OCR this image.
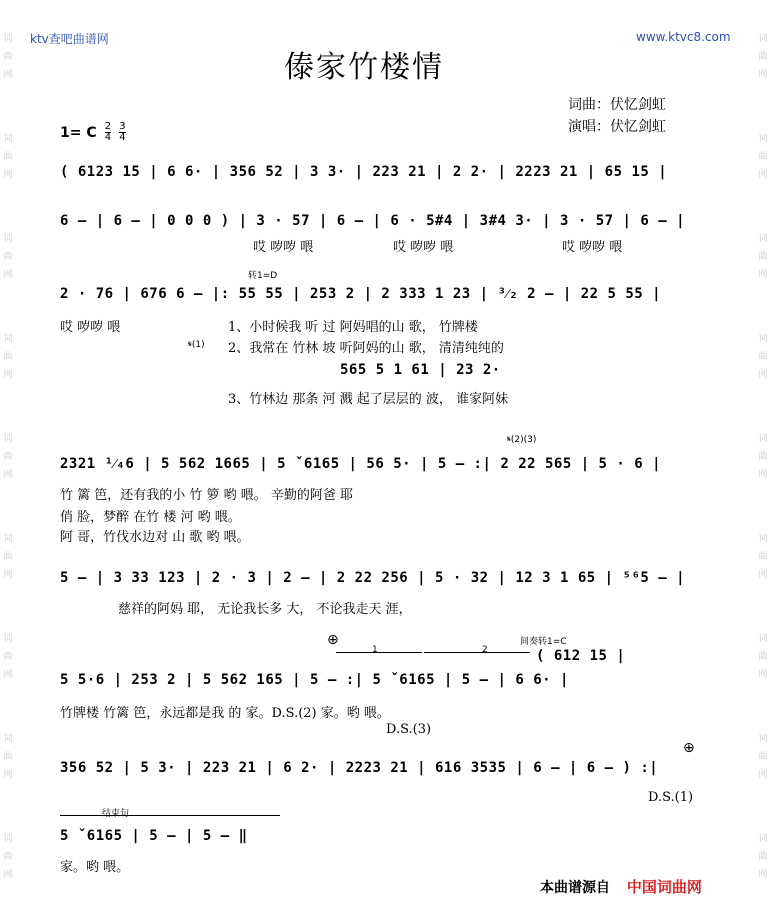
词
曲
网
词
曲
网
词
曲
网
词
曲
网
词
曲
网
词
曲
网
词
曲
网
词
曲
网
词
曲
网
词
曲
网
词
曲
网
词
曲
网
词
曲
网
词
曲
网
词
曲
网
词
曲
网
词
曲
网
词
曲
网
ktv查吧曲谱网	www.ktvc8.com
傣家竹楼情
词曲：伏忆剑虹
演唱：伏忆剑虹
1= C $\frac{2}{4}$
$\frac{3}{4}$
( 6123 15 | 6 6· | 356 52 | 3 3· | 223 21 | 2 2· | 2223 21 | 65 15 |
6 – | 6 – | 0 0 0 ) | 3 · 57 | 6 – | 6 · 5#4 | 3#4 3· | 3 · 57 | 6 – |
哎 哕哕 喂	哎 哕哕 喂	哎 哕哕 喂
转1=D
2 · 76 | 676 6 – |: 55 55 | 253 2 | 2 333 1 23 | ³⁄₂ 2 – | 22 5 55 |
哎 哕哕 喂	1、小时候我 听 过 阿妈唱的山 歌， 竹牌楼
𝄋(1) 2、我常在 竹林 坡 听阿妈的山 歌， 清清纯纯的
565 5 1 61 | 23 2·
3、竹林边 那条 河 溅 起了层层的 波， 谁家阿妹
𝄋(2)(3)
2321 ¹⁄₄6 | 5 562 1665 | 5 ˇ6165 | 56 5· | 5 – :| 2 22 565 | 5 · 6 |
竹 篱 笆，还有我的小 竹 箩 哟 喂。 辛勤的阿爸 耶
俏 脸，梦醉 在竹 楼 河 哟 喂。
阿 哥，竹伐水边对 山 歌 哟 喂。
5 – | 3 33 123 | 2 · 3 | 2 – | 2 22 256 | 5 · 32 | 12 3 1 65 | ⁵⁶5 – |
慈祥的阿妈 耶， 无论我长多 大， 不论我走天 涯，
⊕
1	2
间奏转1=C
( 612 15 |
5 5·6 | 253 2 | 5 562 165 | 5 – :| 5 ˇ6165 | 5 – | 6 6· |
竹牌楼 竹篱 笆，永远都是我 的 家。D.S.(2) 家。哟 喂。
D.S.(3)
⊕
356 52 | 5 3· | 223 21 | 6 2· | 2223 21 | 616 3535 | 6 – | 6 – ) :|
D.S.(1)
结束句
5 ˇ6165 | 5 – | 5 – ‖
家。哟 喂。
本曲谱源自 中国词曲网
